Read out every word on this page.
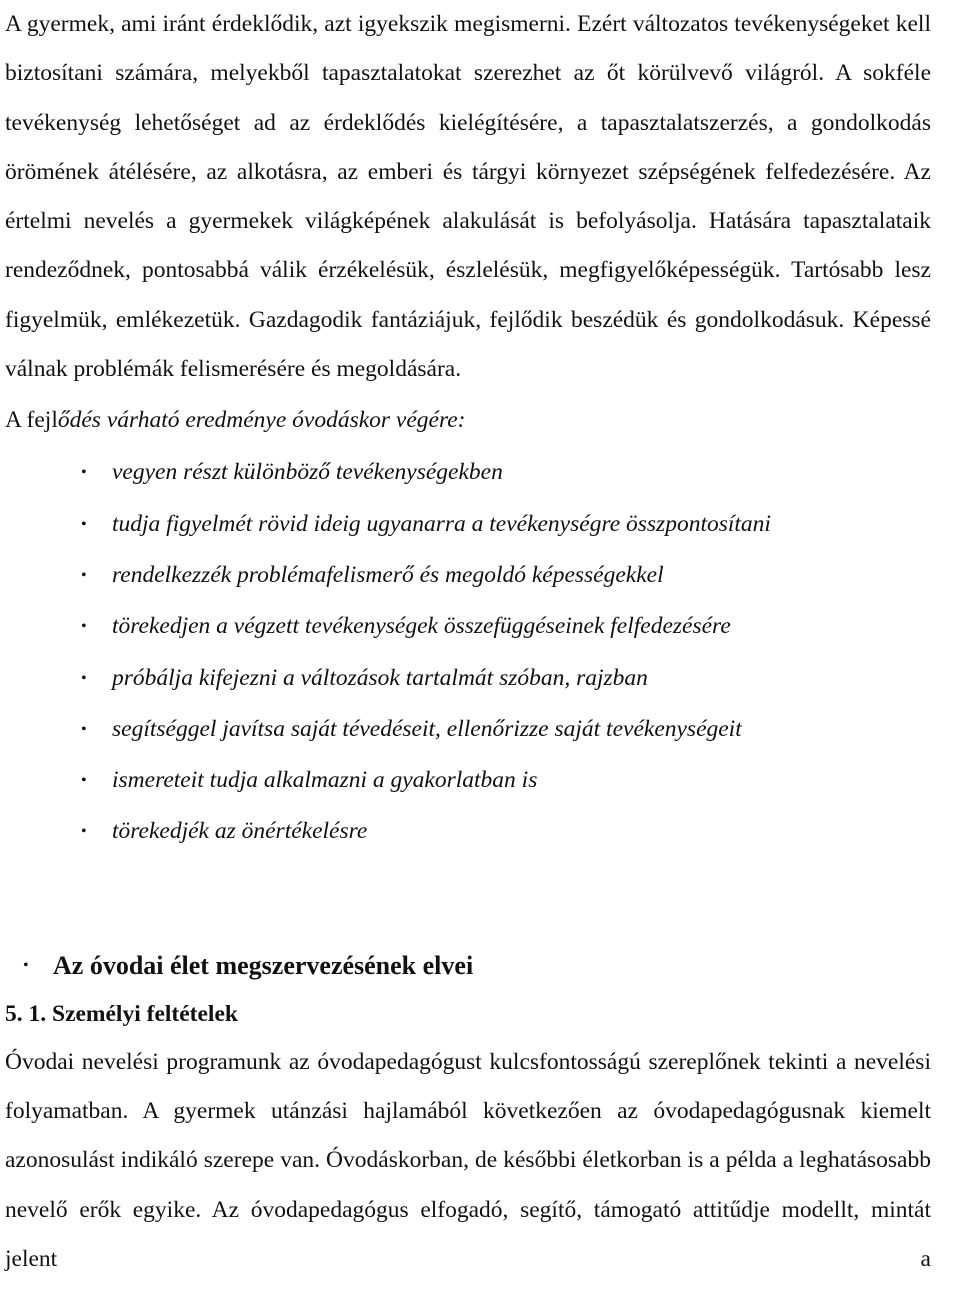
A gyermek, ami iránt érdeklődik, azt igyekszik megismerni. Ezért változatos tevékenységeket kell biztosítani számára, melyekből tapasztalatokat szerezhet az őt körülvevő világról. A sokféle tevékenység lehetőséget ad az érdeklődés kielégítésére, a tapasztalatszerzés, a gondolkodás örömének átélésére, az alkotásra, az emberi és tárgyi környezet szépségének felfedezésére. Az értelmi nevelés a gyermekek világképének alakulását is befolyásolja. Hatására tapasztalataik rendeződnek, pontosabbá válik érzékelésük, észlelésük, megfigyelőképességük. Tartósabb lesz figyelmük, emlékezetük. Gazdagodik fantáziájuk, fejlődik beszédük és gondolkodásuk. Képessé válnak problémák felismerésére és megoldására.

A fejlődés várható eredménye óvodáskor végére:

• vegyen részt különböző tevékenységekben
• tudja figyelmét rövid ideig ugyanarra a tevékenységre összpontosítani
• rendelkezzék problémafelismerő és megoldó képességekkel
• törekedjen a végzett tevékenységek összefüggéseinek felfedezésére
• próbálja kifejezni a változások tartalmát szóban, rajzban
• segítséggel javítsa saját tévedéseit, ellenőrizze saját tevékenységeit
• ismereteit tudja alkalmazni a gyakorlatban is
• törekedjék az önértékelésre
• Az óvodai élet megszervezésének elvei
5. 1. Személyi feltételek

Óvodai nevelési programunk az óvodapedagógust kulcsfontosságú szereplőnek tekinti a nevelési folyamatban. A gyermek utánzási hajlamából következően az óvodapedagógusnak kiemelt azonosulást indikáló szerepe van. Óvodáskorban, de későbbi életkorban is a példa a leghatásosabb nevelő erők egyike. Az óvodapedagógus elfogadó, segítő, támogató attitűdje modellt, mintát jelent a
